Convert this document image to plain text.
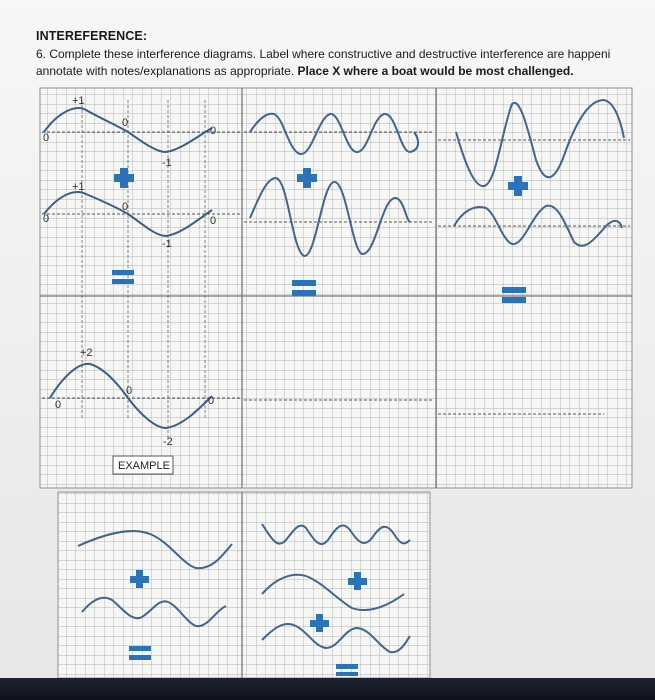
INTEREFERENCE:
6. Complete these interference diagrams. Label where constructive and destructive interference are happeni
annotate with notes/explanations as appropriate. Place X where a boat would be most challenged.
+1
0
0
-1
0
+1
0
0
-1
0
+2
0
0
-2
0
EXAMPLE
